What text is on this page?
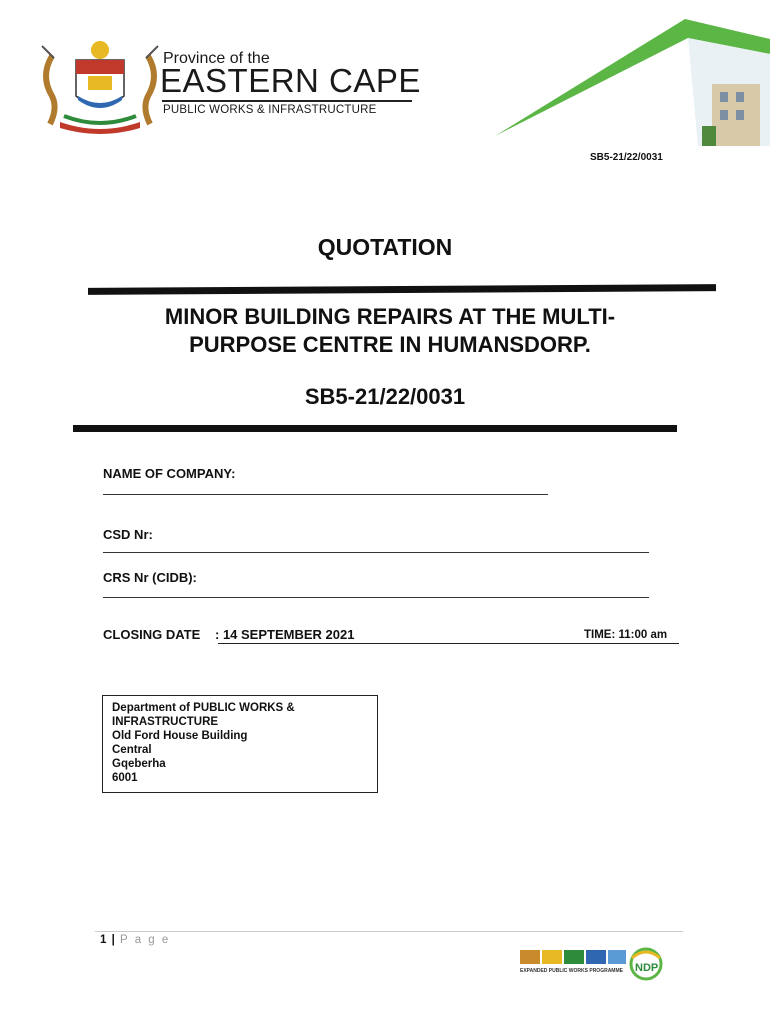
Province of the
EASTERN CAPE
PUBLIC WORKS & INFRASTRUCTURE
SB5-21/22/0031
QUOTATION
MINOR BUILDING REPAIRS AT THE MULTI-
PURPOSE CENTRE IN HUMANSDORP.
SB5-21/22/0031
NAME OF COMPANY:
CSD Nr:
CRS Nr (CIDB):
CLOSING DATE : 14 SEPTEMBER 2021	TIME: 11:00 am
Department of PUBLIC WORKS &
INFRASTRUCTURE
Old Ford House Building
Central
Gqeberha
6001
1 | P a g e
EXPANDED PUBLIC WORKS PROGRAMME NDP
